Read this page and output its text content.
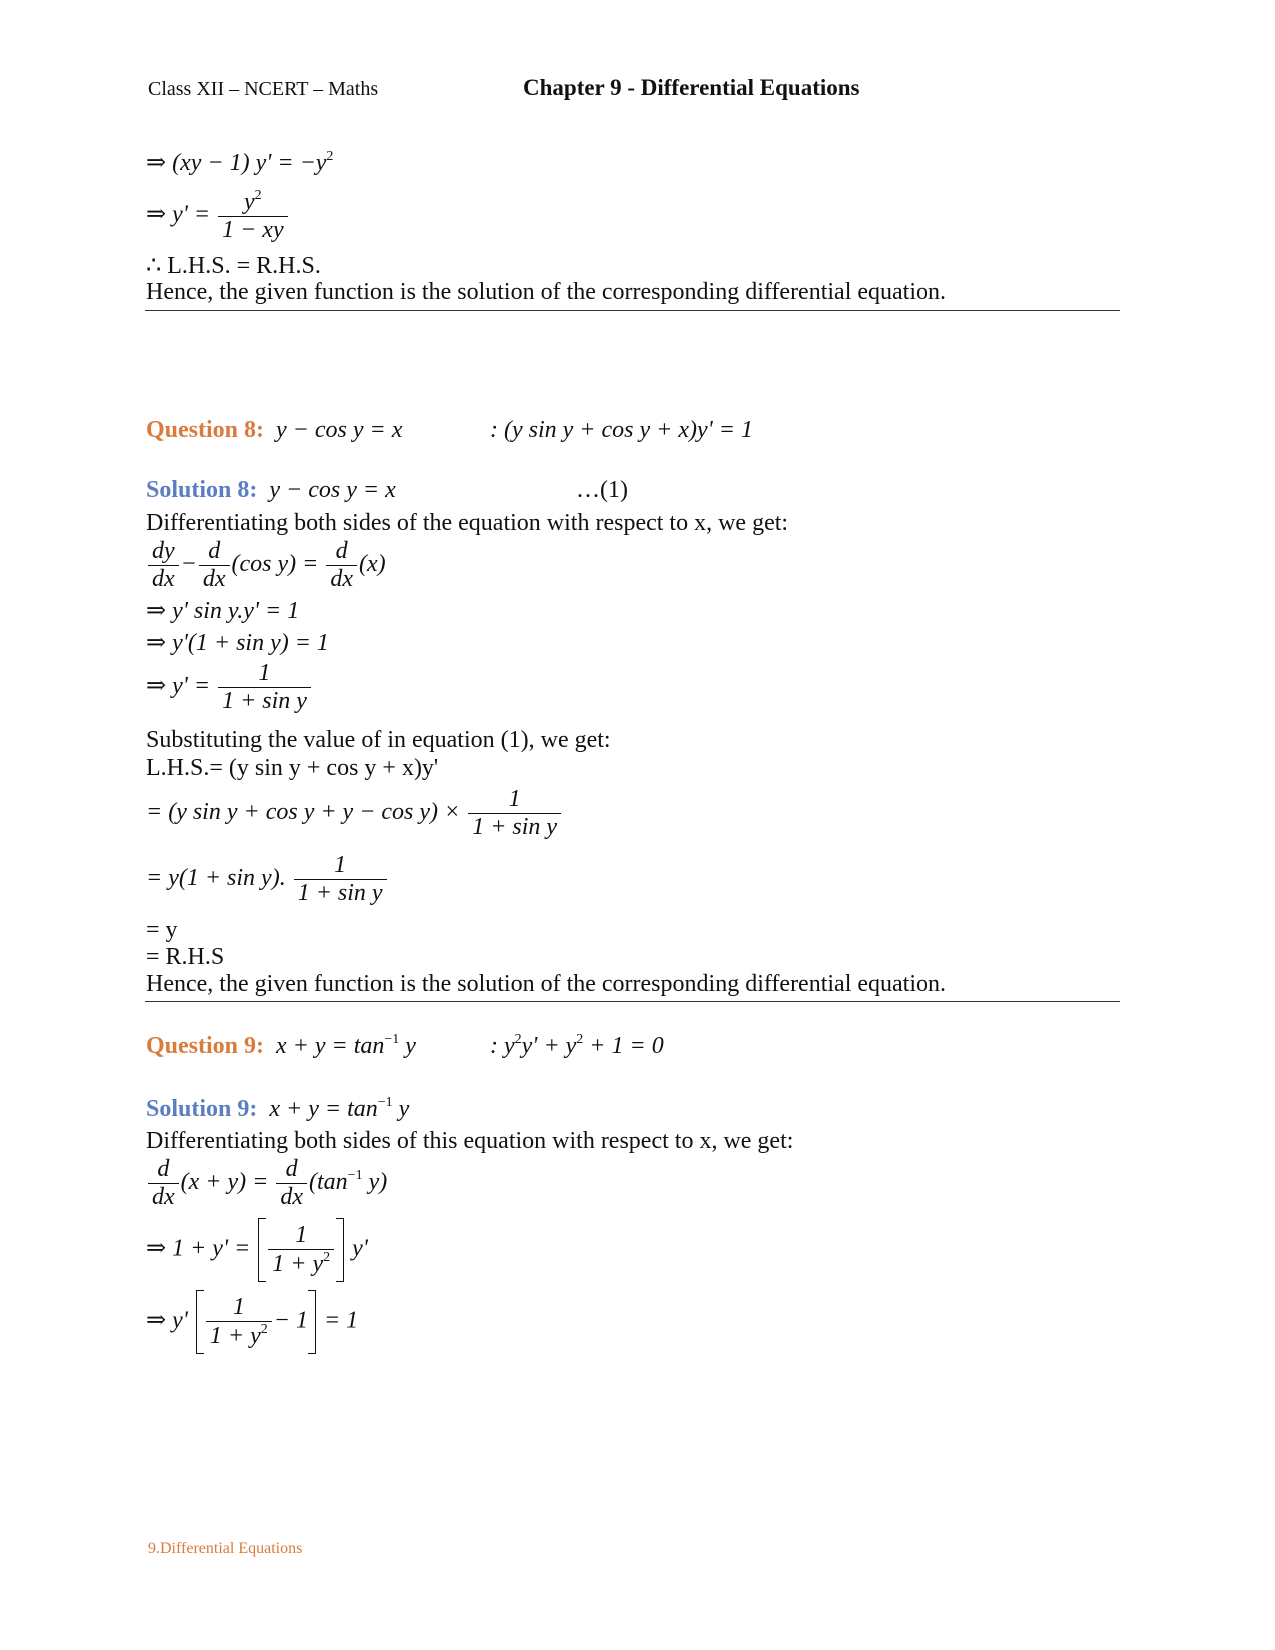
Class XII – NCERT – Maths	Chapter 9 - Differential Equations
⇒ (xy − 1) $y' = -y^2$
⇒ $y' = \frac{y^2}{1 - xy}$
∴ L.H.S. = R.H.S.
Hence, the given function is the solution of the corresponding differential equation.
Question 8: y − cos y = x	: (y sin y + cos y + x)y' = 1
Solution 8: y − cos y = x	…(1)
Differentiating both sides of the equation with respect to x, we get:
$\frac{dy}{dx} - \frac{d}{dx} (\cos$ $y) = \frac{d}{dx} (x)$
⇒ y' sin y.y' = 1
⇒ y'(1 + sin y) = 1
⇒ $y' = \frac{1}{\text{1 + sin y}}$
Substituting the value of in equation (1), we get:
L.H.S.= (y sin y + cos y + x)y'
= (y $\sin y + \cos y + y - \cos y) \times \frac{1}{\text{1 + sin y}}$
= y(1 + sin y). $\frac{1}{\text{1 + sin y}}$
= y
= R.H.S
Hence, the given function is the solution of the corresponding differential equation.
Question 9: $x + y = \tan^{-1} y$	: $y^2y' + y^2 + 1 = 0$
Solution 9: $x + y = \tan^{-1} y$
Differentiating both sides of this equation with respect to x, we get:
$\frac{d}{dx} (x + y) = \frac{d}{dx} (\tan^{-1}$ y)
⇒ $1 + y' = \frac{1}{1 + y^2} y'$
⇒ $y' \frac{1}{1 + y^2} - 1 = 1$
9.Differential Equations
